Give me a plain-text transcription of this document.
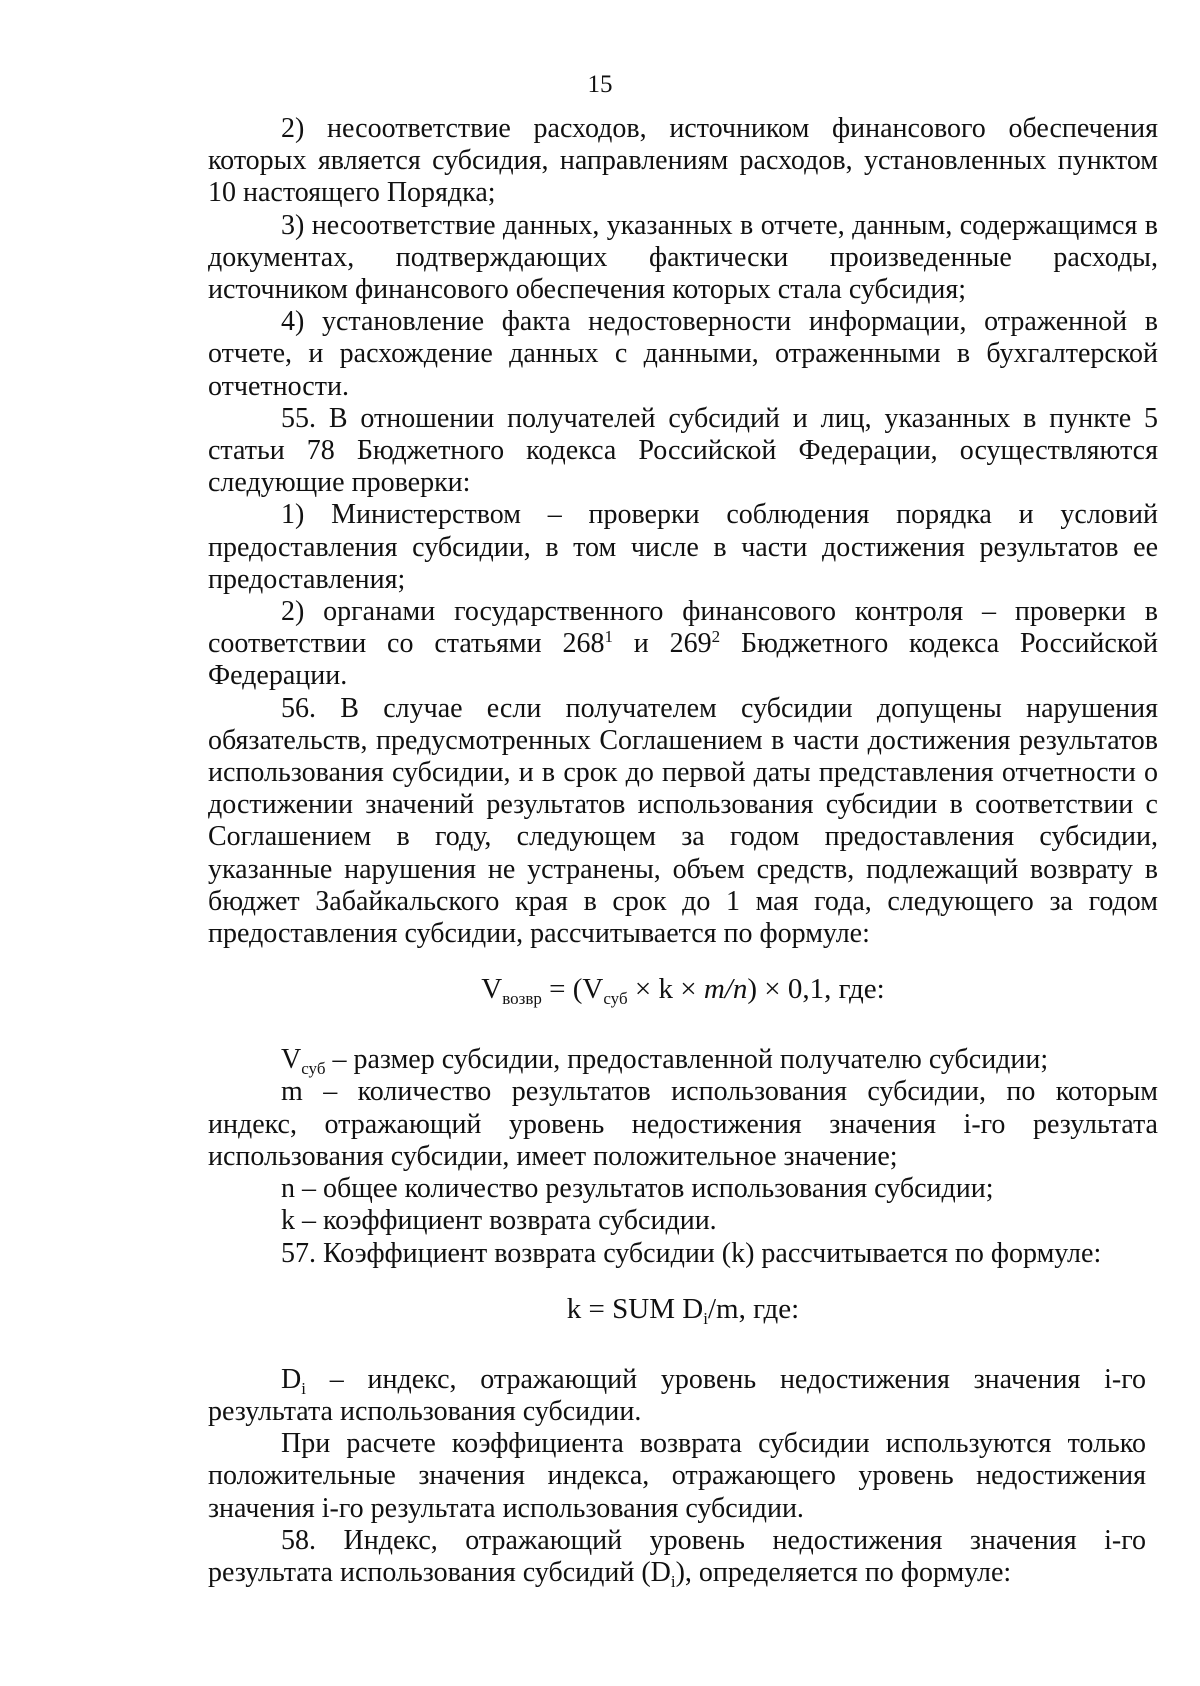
15

2) несоответствие расходов, источником финансового обеспечения которых является субсидия, направлениям расходов, установленных пунктом 10 настоящего Порядка;

3) несоответствие данных, указанных в отчете, данным, содержащимся в документах, подтверждающих фактически произведенные расходы, источником финансового обеспечения которых стала субсидия;

4) установление факта недостоверности информации, отраженной в отчете, и расхождение данных с данными, отраженными в бухгалтерской отчетности.

55. В отношении получателей субсидий и лиц, указанных в пункте 5 статьи 78 Бюджетного кодекса Российской Федерации, осуществляются следующие проверки:

1) Министерством – проверки соблюдения порядка и условий предоставления субсидии, в том числе в части достижения результатов ее предоставления;

2) органами государственного финансового контроля – проверки в соответствии со статьями $268^1$ и $269^2$ Бюджетного кодекса Российской Федерации.

56. В случае если получателем субсидии допущены нарушения обязательств, предусмотренных Соглашением в части достижения результатов использования субсидии, и в срок до первой даты представления отчетности о достижении значений результатов использования субсидии в соответствии с Соглашением в году, следующем за годом предоставления субсидии, указанные нарушения не устранены, объем средств, подлежащий возврату в бюджет Забайкальского края в срок до 1 мая года, следующего за годом предоставления субсидии, рассчитывается по формуле:

$V_{возвр} = (V_{суб} \times k \times m/n) \times 0,1$, где:

$V_{суб}$ – размер субсидии, предоставленной получателю субсидии;

m – количество результатов использования субсидии, по которым индекс, отражающий уровень недостижения значения i-го результата использования субсидии, имеет положительное значение;

n – общее количество результатов использования субсидии;

k – коэффициент возврата субсидии.

57. Коэффициент возврата субсидии (k) рассчитывается по формуле:

k = SUM $D_i/m$, где:

$D_i$ – индекс, отражающий уровень недостижения значения i-го результата использования субсидии.

При расчете коэффициента возврата субсидии используются только положительные значения индекса, отражающего уровень недостижения значения i-го результата использования субсидии.

58. Индекс, отражающий уровень недостижения значения i-го результата использования субсидий $(D_i)$, определяется по формуле:
